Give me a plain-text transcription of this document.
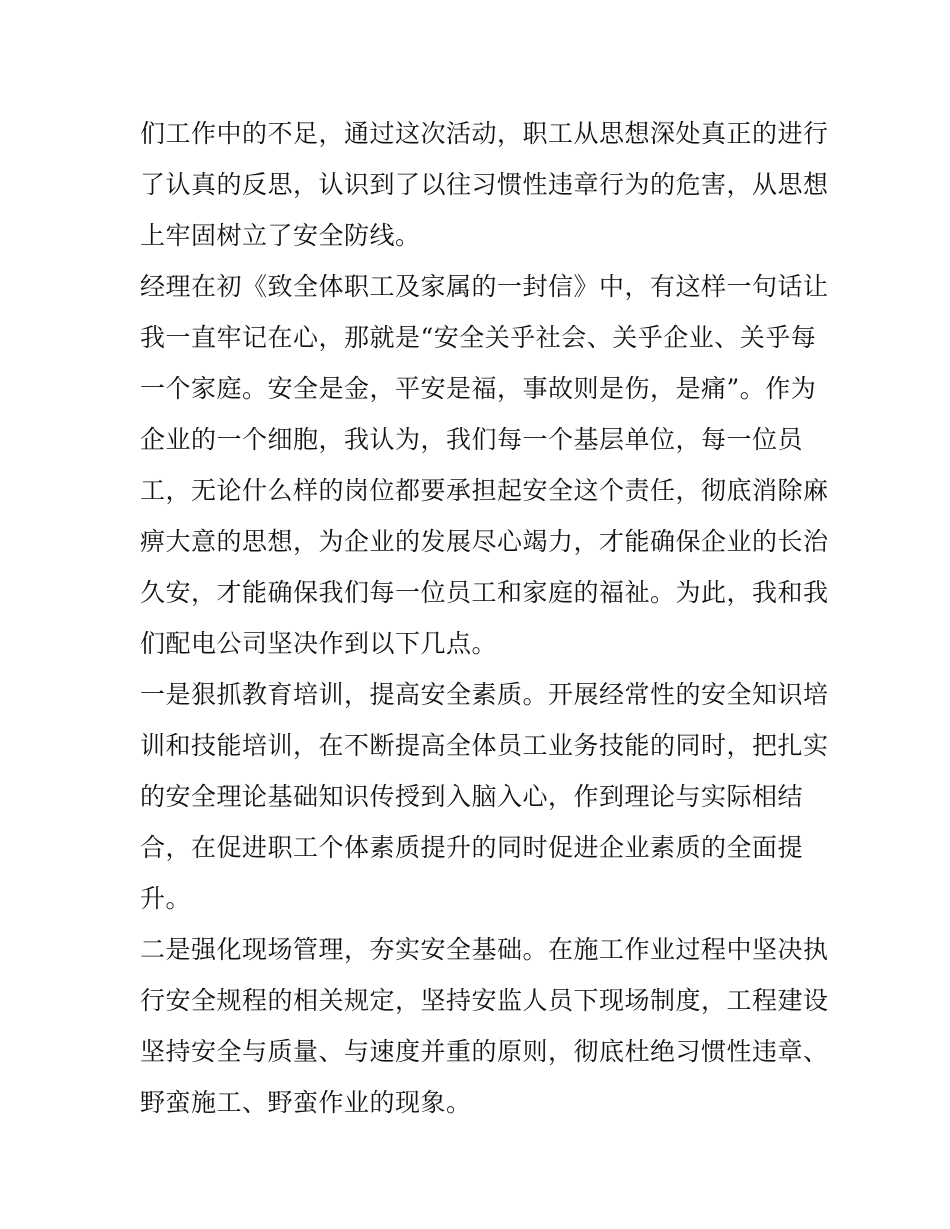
们工作中的不足，通过这次活动，职工从思想深处真正的进行
了认真的反思，认识到了以往习惯性违章行为的危害，从思想
上牢固树立了安全防线。
经理在初《致全体职工及家属的一封信》中，有这样一句话让
我一直牢记在心，那就是“安全关乎社会、关乎企业、关乎每
一个家庭。安全是金，平安是福，事故则是伤，是痛”。作为
企业的一个细胞，我认为，我们每一个基层单位，每一位员
工，无论什么样的岗位都要承担起安全这个责任，彻底消除麻
痹大意的思想，为企业的发展尽心竭力，才能确保企业的长治
久安，才能确保我们每一位员工和家庭的福祉。为此，我和我
们配电公司坚决作到以下几点。
一是狠抓教育培训，提高安全素质。开展经常性的安全知识培
训和技能培训，在不断提高全体员工业务技能的同时，把扎实
的安全理论基础知识传授到入脑入心，作到理论与实际相结
合，在促进职工个体素质提升的同时促进企业素质的全面提
升。
二是强化现场管理，夯实安全基础。在施工作业过程中坚决执
行安全规程的相关规定，坚持安监人员下现场制度，工程建设
坚持安全与质量、与速度并重的原则，彻底杜绝习惯性违章、
野蛮施工、野蛮作业的现象。
